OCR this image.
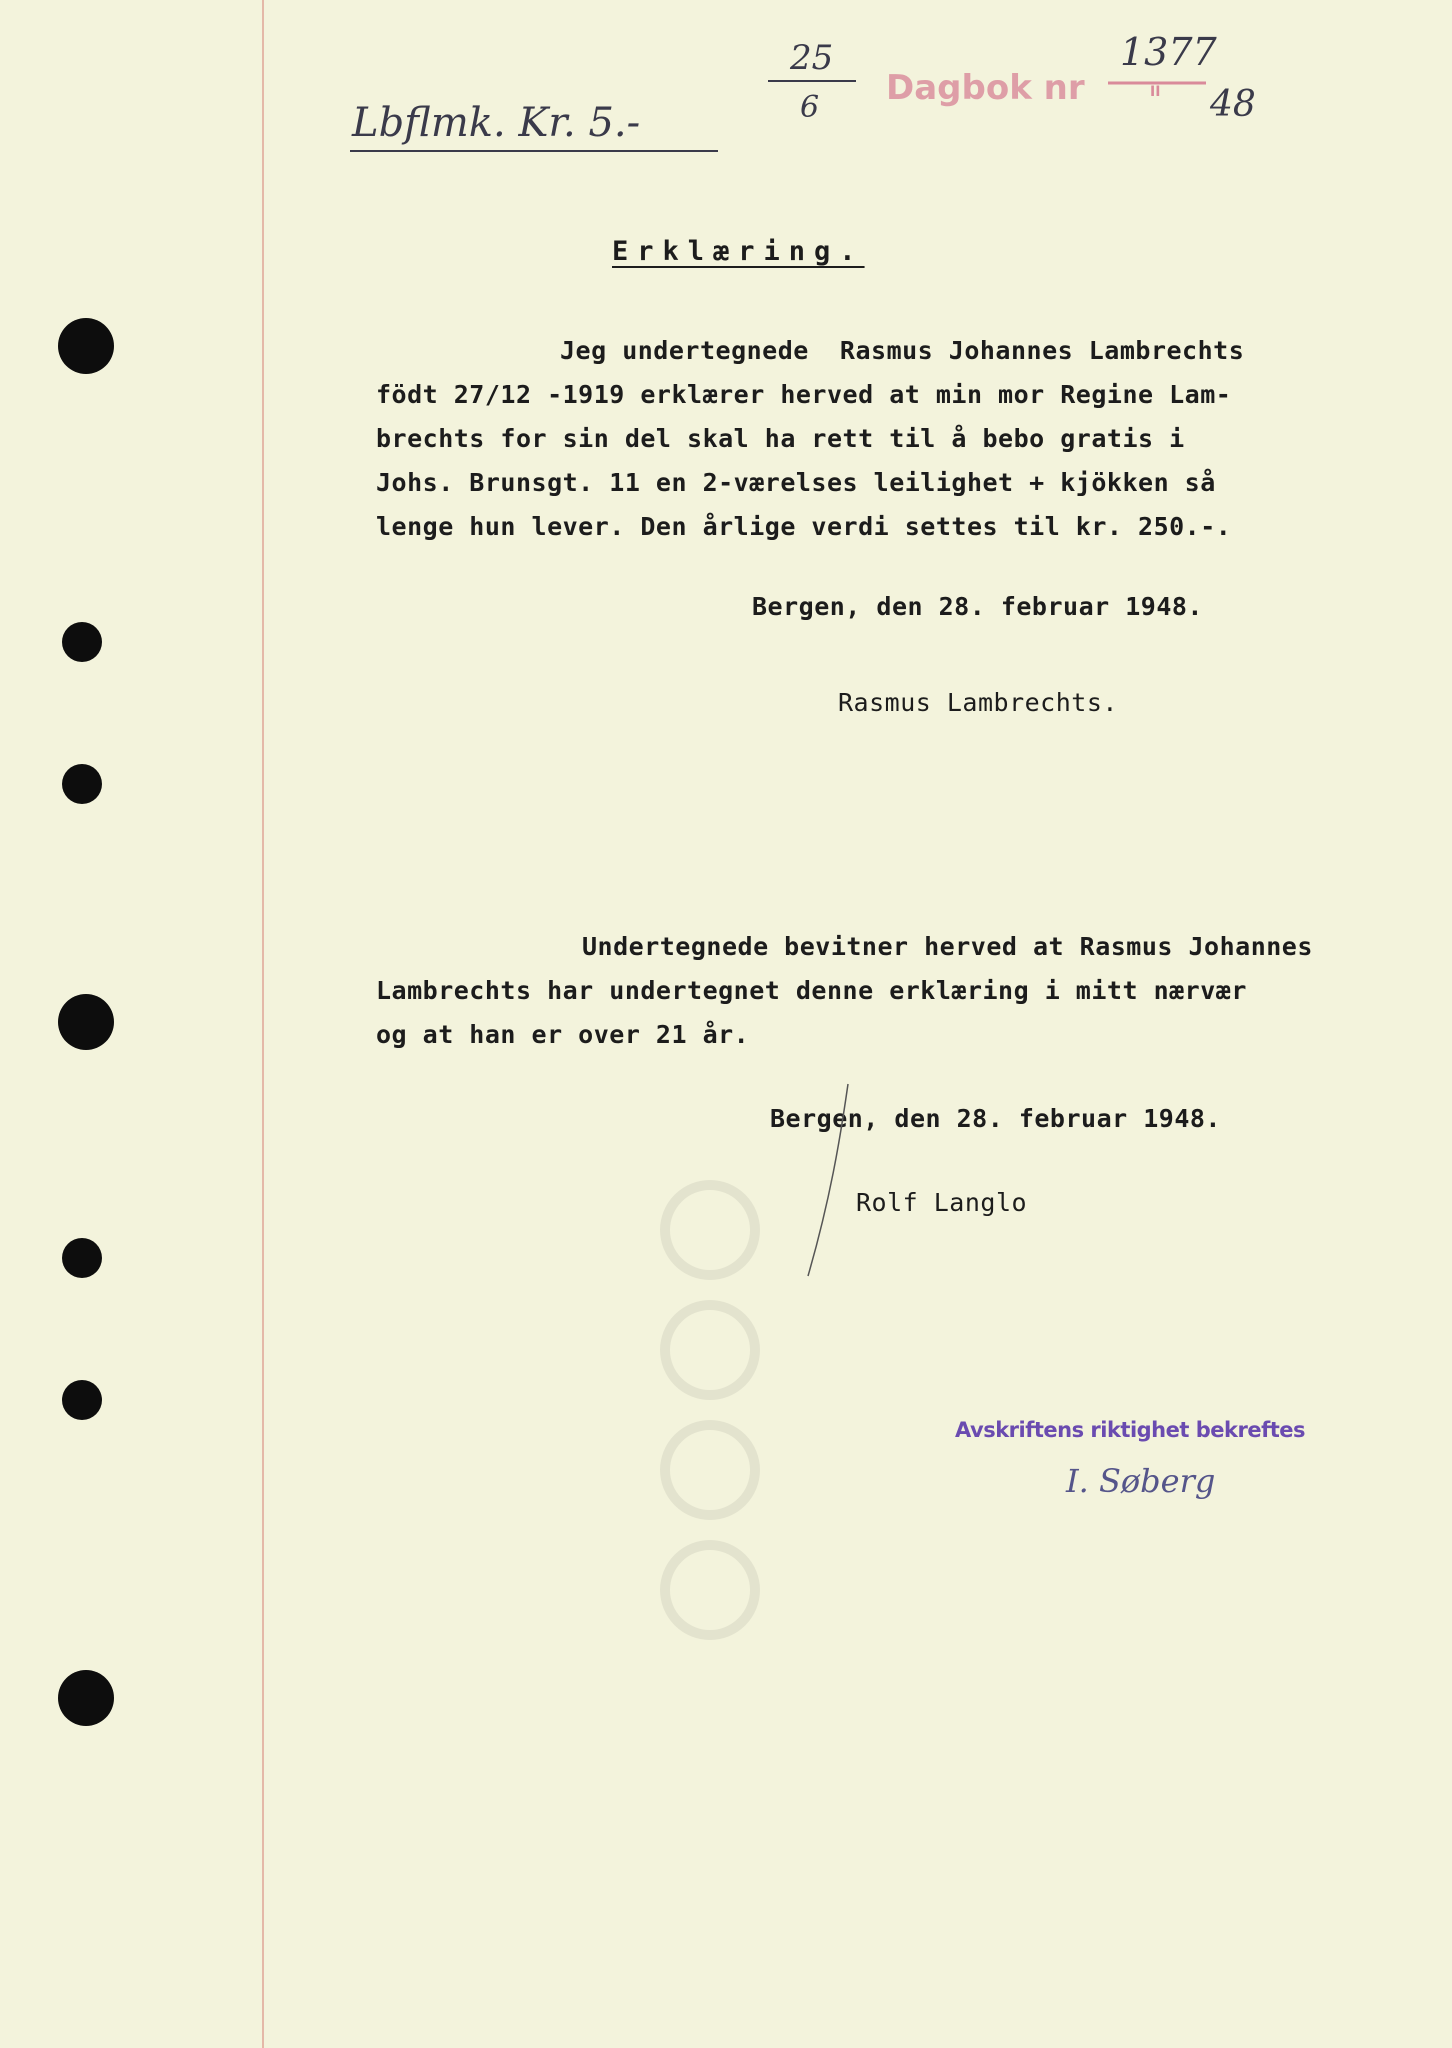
Lbflmk. Kr. 5.-
25
6 Dagbok nr
1377
II 48
Erklæring.
Jeg undertegnede  Rasmus Johannes Lambrechts
födt 27/12 -1919 erklærer herved at min mor Regine Lam-
brechts for sin del skal ha rett til å bebo gratis i
Johs. Brunsgt. 11 en 2-værelses leilighet + kjökken så
lenge hun lever. Den årlige verdi settes til kr. 250.-.
Bergen, den 28. februar 1948.
Rasmus Lambrechts.
Undertegnede bevitner herved at Rasmus Johannes
Lambrechts har undertegnet denne erklæring i mitt nærvær
og at han er over 21 år.
Bergen, den 28. februar 1948.
Rolf Langlo
Avskriftens riktighet bekreftes
I. Søberg
